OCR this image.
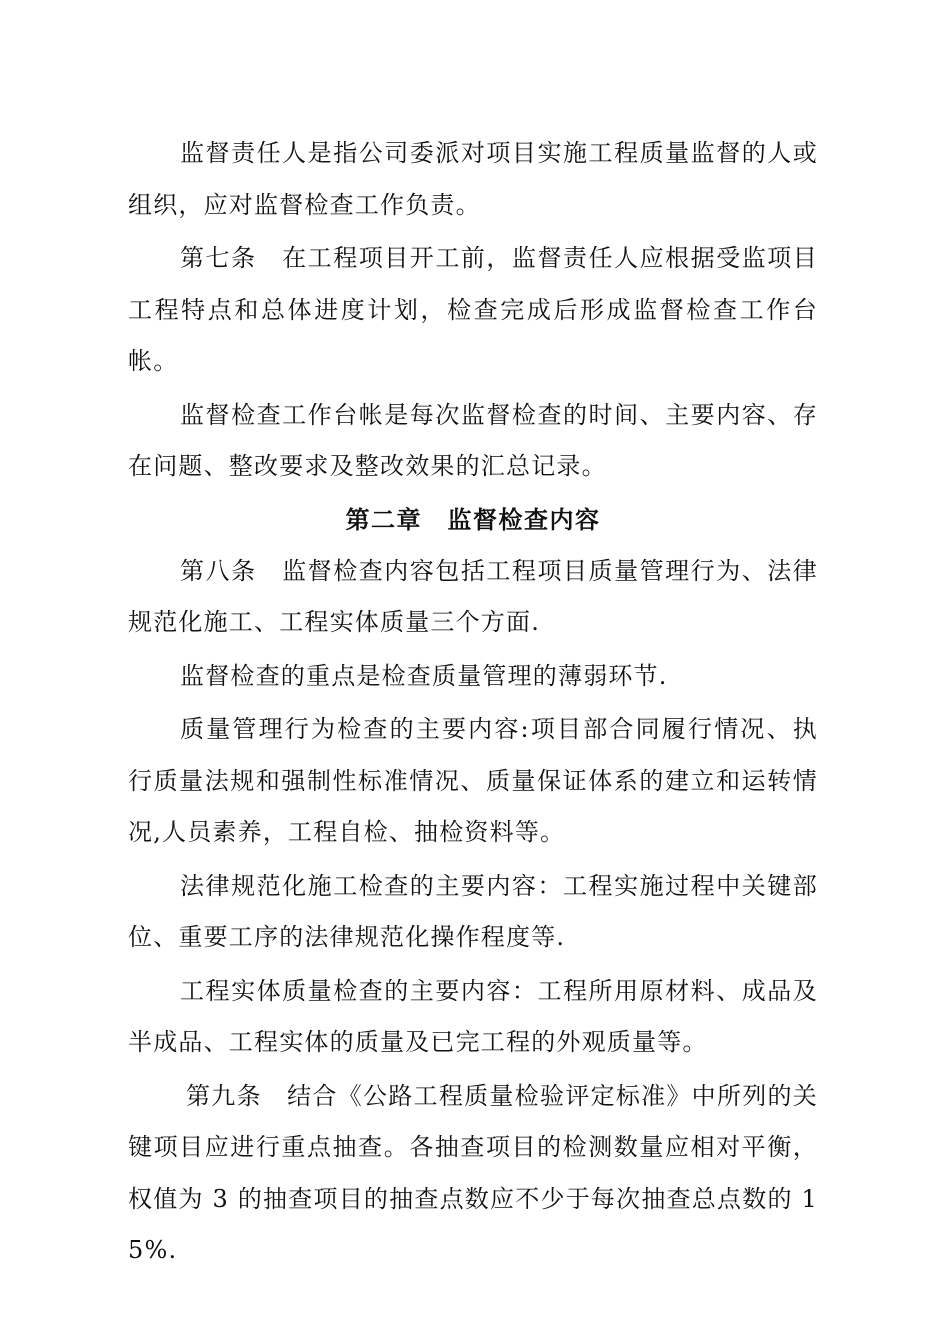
监督责任人是指公司委派对项目实施工程质量监督的人或组织，应对监督检查工作负责。

第七条　在工程项目开工前，监督责任人应根据受监项目工程特点和总体进度计划，检查完成后形成监督检查工作台帐。

监督检查工作台帐是每次监督检查的时间、主要内容、存在问题、整改要求及整改效果的汇总记录。

第二章　监督检查内容

第八条　监督检查内容包括工程项目质量管理行为、法律规范化施工、工程实体质量三个方面.

监督检查的重点是检查质量管理的薄弱环节.

质量管理行为检查的主要内容:项目部合同履行情况、执行质量法规和强制性标准情况、质量保证体系的建立和运转情况,人员素养，工程自检、抽检资料等。

法律规范化施工检查的主要内容：工程实施过程中关键部位、重要工序的法律规范化操作程度等.

工程实体质量检查的主要内容：工程所用原材料、成品及半成品、工程实体的质量及已完工程的外观质量等。

第九条　结合《公路工程质量检验评定标准》中所列的关键项目应进行重点抽查。各抽查项目的检测数量应相对平衡，权值为 3 的抽查项目的抽查点数应不少于每次抽查总点数的 15%.
